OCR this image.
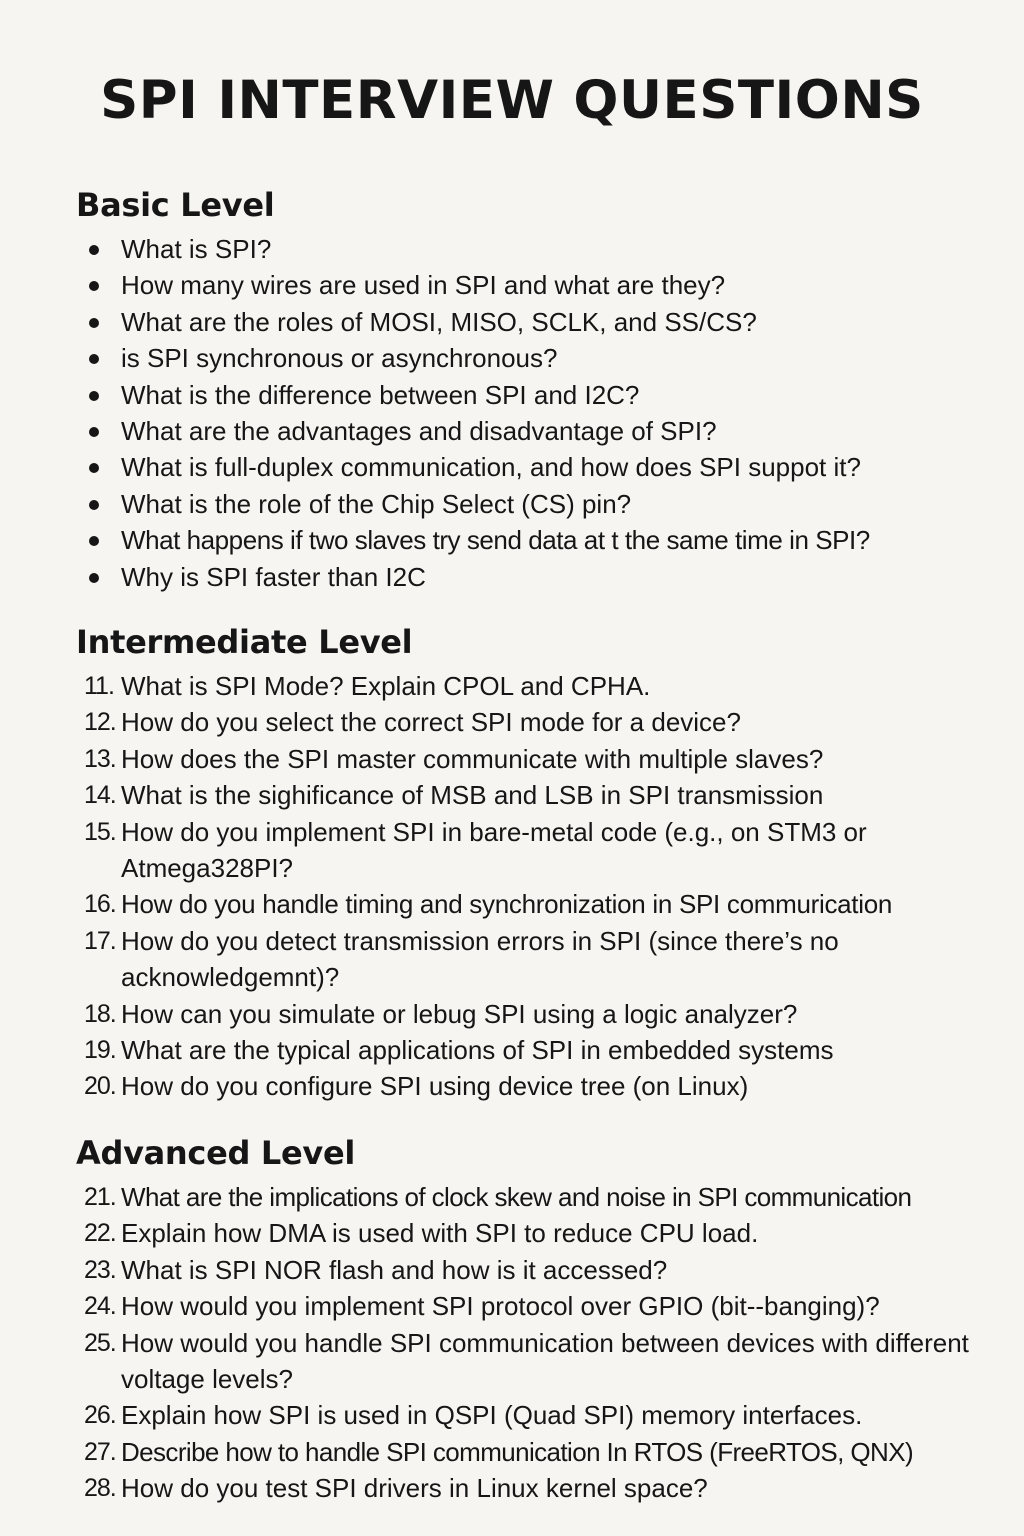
SPI INTERVIEW QUESTIONS
Basic Level
What is SPI?
How many wires are used in SPI and what are they?
What are the roles of MOSI, MISO, SCLK, and SS/CS?
is SPI synchronous or asynchronous?
What is the difference between SPI and I2C?
What are the advantages and disadvantage of SPI?
What is full-duplex communication, and how does SPI suppot it?
What is the role of the Chip Select (CS) pin?
What happens if two slaves try send data at t the same time in SPI?
Why is SPI faster than I2C
Intermediate Level
11. What is SPI Mode? Explain CPOL and CPHA.
12. How do you select the correct SPI mode for a device?
13. How does the SPI master communicate with multiple slaves?
14. What is the sighificance of MSB and LSB in SPI transmission
15. How do you implement SPI in bare-metal code (e.g., on STM3 or Atmega328PI?
16. How do you handle timing and synchronization in SPI commurication
17. How do you detect transmission errors in SPI (since there’s no acknowledgemnt)?
18. How can you simulate or lebug SPI using a logic analyzer?
19. What are the typical applications of SPI in embedded systems
20. How do you configure SPI using device tree (on Linux)
Advanced Level
21. What are the implications of clock skew and noise in SPI communication
22. Explain how DMA is used with SPI to reduce CPU load.
23. What is SPI NOR flash and how is it accessed?
24. How would you implement SPI protocol over GPIO (bit--banging)?
25. How would you handle SPI communication between devices with different voltage levels?
26. Explain how SPI is used in QSPI (Quad SPI) memory interfaces.
27. Describe how to handle SPI communication In RTOS (FreeRTOS, QNX)
28. How do you test SPI drivers in Linux kernel space?
